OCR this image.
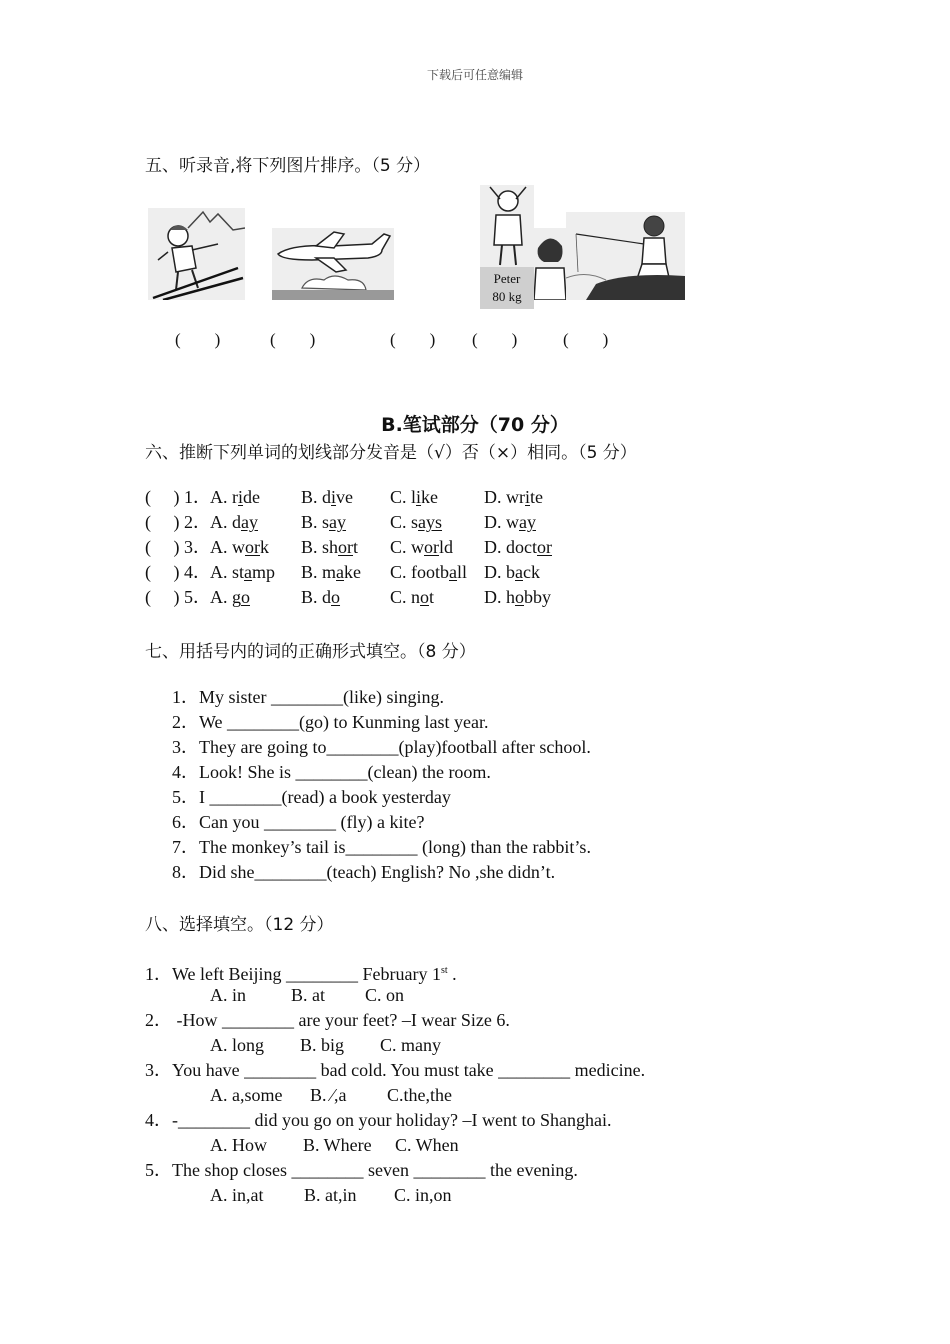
下载后可任意编辑
五、听录音,将下列图片排序。（5 分）
Peter
80 kg
(　　)	(　　)	(　　) (　　)	(　　)
B.笔试部分（70 分）
六、推断下列单词的划线部分发音是（√）否（×）相同。（5 分）
(　 ) 1． A. ride B. dive C. like	D. write
(　 ) 2． A. day B. say C. says D. way
(　 ) 3． A. work B. short C. world D. doctor
(　 ) 4． A. stamp B. make C. football D. back
(　 ) 5． A. go	B. do	C. not	D. hobby
七、用括号内的词的正确形式填空。（8 分）
1．My sister ________(like) singing.
2．We ________(go) to Kunming last year.
3．They are going to________(play)football after school.
4．Look! She is ________(clean) the room.
5．I ________(read) a book yesterday
6．Can you ________ (fly) a kite?
7．The monkey’s tail is________ (long) than the rabbit’s.
8．Did she________(teach) English? No ,she didn’t.
八、选择填空。（12 分）
1．We left Beijing ________ February 1st .
A. in	B. at C. on
2． -How ________ are your feet? –I wear Size 6.
A. long B. big C. many
3．You have ________ bad cold. You must take ________ medicine.
A. a,some B. ⁄,a C.the,the
4．-________ did you go on your holiday? –I went to Shanghai.
A. How B. Where C. When
5．The shop closes ________ seven ________ the evening.
A. in,at B. at,in C. in,on
